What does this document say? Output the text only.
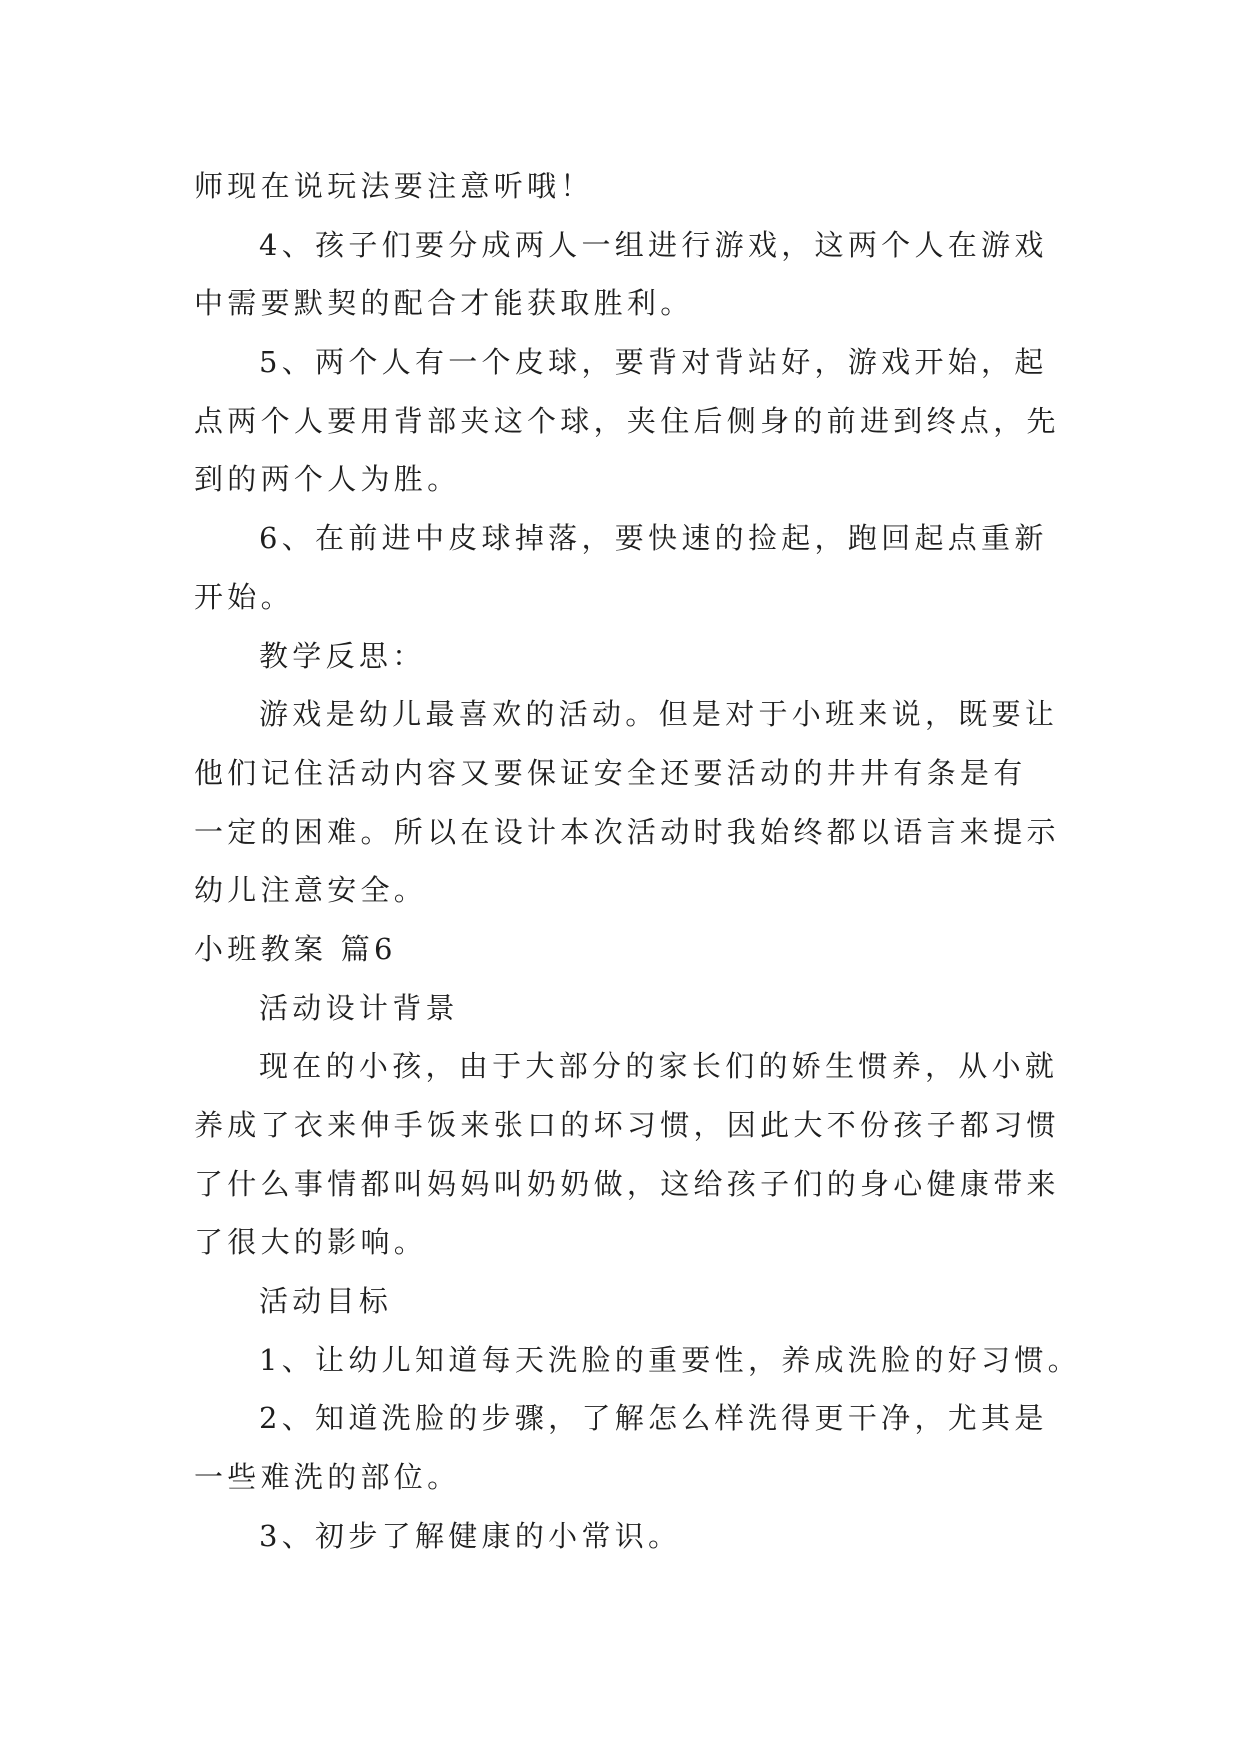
师现在说玩法要注意听哦！
4、孩子们要分成两人一组进行游戏，这两个人在游戏
中需要默契的配合才能获取胜利。
5、两个人有一个皮球，要背对背站好，游戏开始，起
点两个人要用背部夹这个球，夹住后侧身的前进到终点，先
到的两个人为胜。
6、在前进中皮球掉落，要快速的捡起，跑回起点重新
开始。
教学反思：
游戏是幼儿最喜欢的活动。但是对于小班来说，既要让
他们记住活动内容又要保证安全还要活动的井井有条是有
一定的困难。所以在设计本次活动时我始终都以语言来提示
幼儿注意安全。
小班教案 篇6
活动设计背景
现在的小孩，由于大部分的家长们的娇生惯养，从小就
养成了衣来伸手饭来张口的坏习惯，因此大不份孩子都习惯
了什么事情都叫妈妈叫奶奶做，这给孩子们的身心健康带来
了很大的影响。
活动目标
1、让幼儿知道每天洗脸的重要性，养成洗脸的好习惯。
2、知道洗脸的步骤，了解怎么样洗得更干净，尤其是
一些难洗的部位。
3、初步了解健康的小常识。
